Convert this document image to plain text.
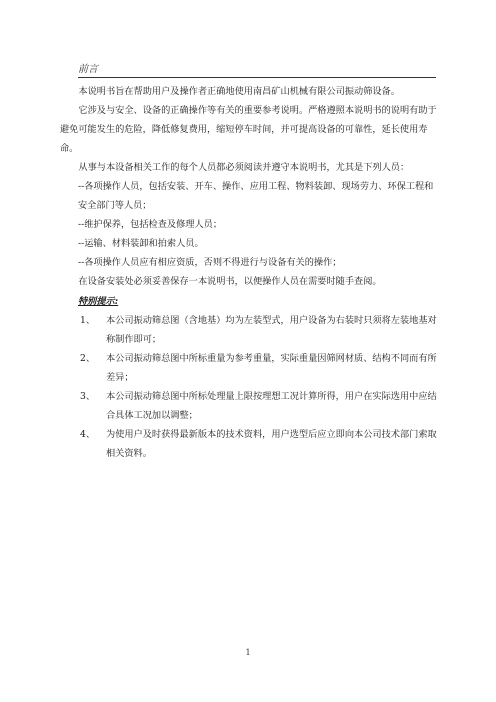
前言

本说明书旨在帮助用户及操作者正确地使用南昌矿山机械有限公司振动筛设备。

它涉及与安全、设备的正确操作等有关的重要参考说明。严格遵照本说明书的说明有助于避免可能发生的危险，降低修复费用，缩短停车时间，并可提高设备的可靠性，延长使用寿命。

从事与本设备相关工作的每个人员都必须阅读并遵守本说明书，尤其是下列人员：

--各项操作人员，包括安装、开车、操作、应用工程、物料装卸、现场劳力、环保工程和安全部门等人员；

--维护保养，包括检查及修理人员；

--运输、材料装卸和拍索人员。

--各项操作人员应有相应资质，否则不得进行与设备有关的操作；

在设备安装处必须妥善保存一本说明书，以便操作人员在需要时随手查阅。

特别提示:

1、	本公司振动筛总图（含地基）均为左装型式，用户设备为右装时只须将左装地基对称制作即可；
2、	本公司振动筛总图中所标重量为参考重量，实际重量因筛网材质、结构不同而有所差异；
3、	本公司振动筛总图中所标处理量上限按理想工况计算所得，用户在实际选用中应结合具体工况加以调整；
4、	为使用户及时获得最新版本的技术资料，用户选型后应立即向本公司技术部门索取相关资料。
1
